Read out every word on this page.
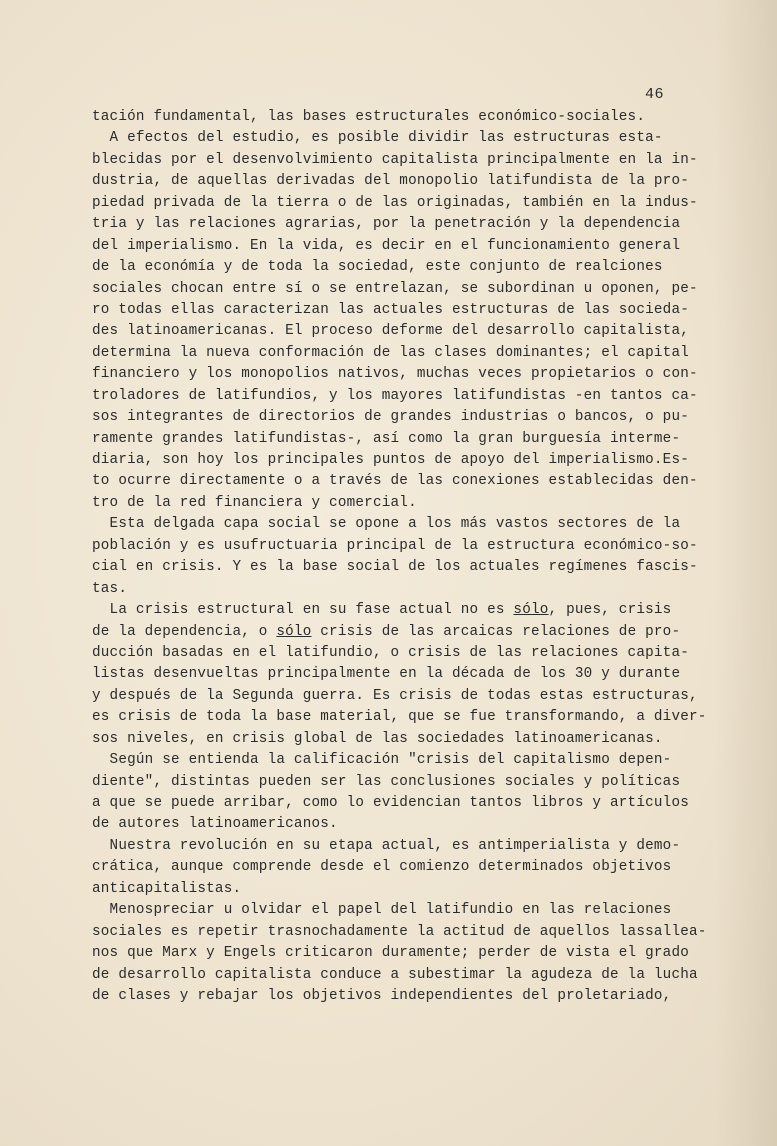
46
tación fundamental, las bases estructurales económico-sociales.
A efectos del estudio, es posible dividir las estructuras esta-
blecidas por el desenvolvimiento capitalista principalmente en la in-
dustria, de aquellas derivadas del monopolio latifundista de la pro-
piedad privada de la tierra o de las originadas, también en la indus-
tria y las relaciones agrarias, por la penetración y la dependencia
del imperialismo. En la vida, es decir en el funcionamiento general
de la económía y de toda la sociedad, este conjunto de realciones
sociales chocan entre sí o se entrelazan, se subordinan u oponen, pe-
ro todas ellas caracterizan las actuales estructuras de las socieda-
des latinoamericanas. El proceso deforme del desarrollo capitalista,
determina la nueva conformación de las clases dominantes; el capital
financiero y los monopolios nativos, muchas veces propietarios o con-
troladores de latifundios, y los mayores latifundistas -en tantos ca-
sos integrantes de directorios de grandes industrias o bancos, o pu-
ramente grandes latifundistas-, así como la gran burguesía interme-
diaria, son hoy los principales puntos de apoyo del imperialismo.Es-
to ocurre directamente o a través de las conexiones establecidas den-
tro de la red financiera y comercial.
Esta delgada capa social se opone a los más vastos sectores de la
población y es usufructuaria principal de la estructura económico-so-
cial en crisis. Y es la base social de los actuales regímenes fascis-
tas.
La crisis estructural en su fase actual no es sólo, pues, crisis
de la dependencia, o sólo crisis de las arcaicas relaciones de pro-
ducción basadas en el latifundio, o crisis de las relaciones capita-
listas desenvueltas principalmente en la década de los 30 y durante
y después de la Segunda guerra. Es crisis de todas estas estructuras,
es crisis de toda la base material, que se fue transformando, a diver-
sos niveles, en crisis global de las sociedades latinoamericanas.
Según se entienda la calificación "crisis del capitalismo depen-
diente", distintas pueden ser las conclusiones sociales y políticas
a que se puede arribar, como lo evidencian tantos libros y artículos
de autores latinoamericanos.
Nuestra revolución en su etapa actual, es antimperialista y demo-
crática, aunque comprende desde el comienzo determinados objetivos
anticapitalistas.
Menospreciar u olvidar el papel del latifundio en las relaciones
sociales es repetir trasnochadamente la actitud de aquellos lassallea-
nos que Marx y Engels criticaron duramente; perder de vista el grado
de desarrollo capitalista conduce a subestimar la agudeza de la lucha
de clases y rebajar los objetivos independientes del proletariado,
